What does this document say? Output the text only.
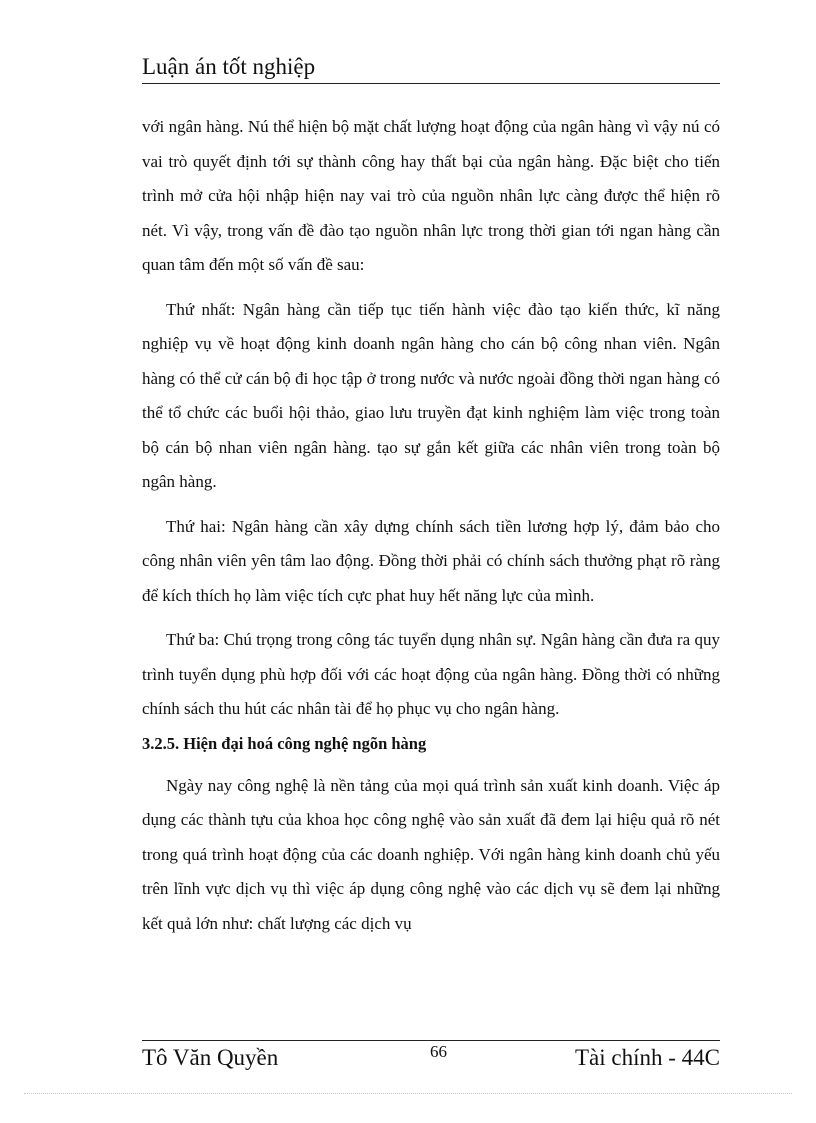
Luận án tốt nghiệp

với ngân hàng. Nú thể hiện bộ mặt chất lượng hoạt động của ngân hàng vì vậy nú có vai trò quyết định tới sự thành công hay thất bại của ngân hàng. Đặc biệt cho tiến trình mở cửa hội nhập hiện nay vai trò của nguồn nhân lực càng được thể hiện rõ nét. Vì vậy, trong vấn đề đào tạo nguồn nhân lực trong thời gian tới ngan hàng cần quan tâm đến một số vấn đề sau:

Thứ nhất: Ngân hàng cần tiếp tục tiến hành việc đào tạo kiến thức, kĩ năng nghiệp vụ về hoạt động kinh doanh ngân hàng cho cán bộ công nhan viên. Ngân hàng có thể cử cán bộ đi học tập ở trong nước và nước ngoài đồng thời ngan hàng có thể tổ chức các buổi hội thảo, giao lưu truyền đạt kinh nghiệm làm việc trong toàn bộ cán bộ nhan viên ngân hàng. tạo sự gắn kết giữa các nhân viên trong toàn bộ ngân hàng.

Thứ hai: Ngân hàng cần xây dựng chính sách tiền lương hợp lý, đảm bảo cho công nhân viên yên tâm lao động. Đồng thời phải có chính sách thưởng phạt rõ ràng để kích thích họ làm việc tích cực phat huy hết năng lực của mình.

Thứ ba: Chú trọng trong công tác tuyển dụng nhân sự. Ngân hàng cần đưa ra quy trình tuyển dụng phù hợp đối với các hoạt động của ngân hàng. Đồng thời có những chính sách thu hút các nhân tài để họ phục vụ cho ngân hàng.

3.2.5. Hiện đại hoá công nghệ ngõn hàng

Ngày nay công nghệ là nền tảng của mọi quá trình sản xuất kinh doanh. Việc áp dụng các thành tựu của khoa học công nghệ vào sản xuất đã đem lại hiệu quả rõ nét trong quá trình hoạt động của các doanh nghiệp. Với ngân hàng kinh doanh chủ yếu trên lĩnh vực dịch vụ thì việc áp dụng công nghệ vào các dịch vụ sẽ đem lại những kết quả lớn như: chất lượng các dịch vụ

Tô Văn Quyền	66	Tài chính - 44C
